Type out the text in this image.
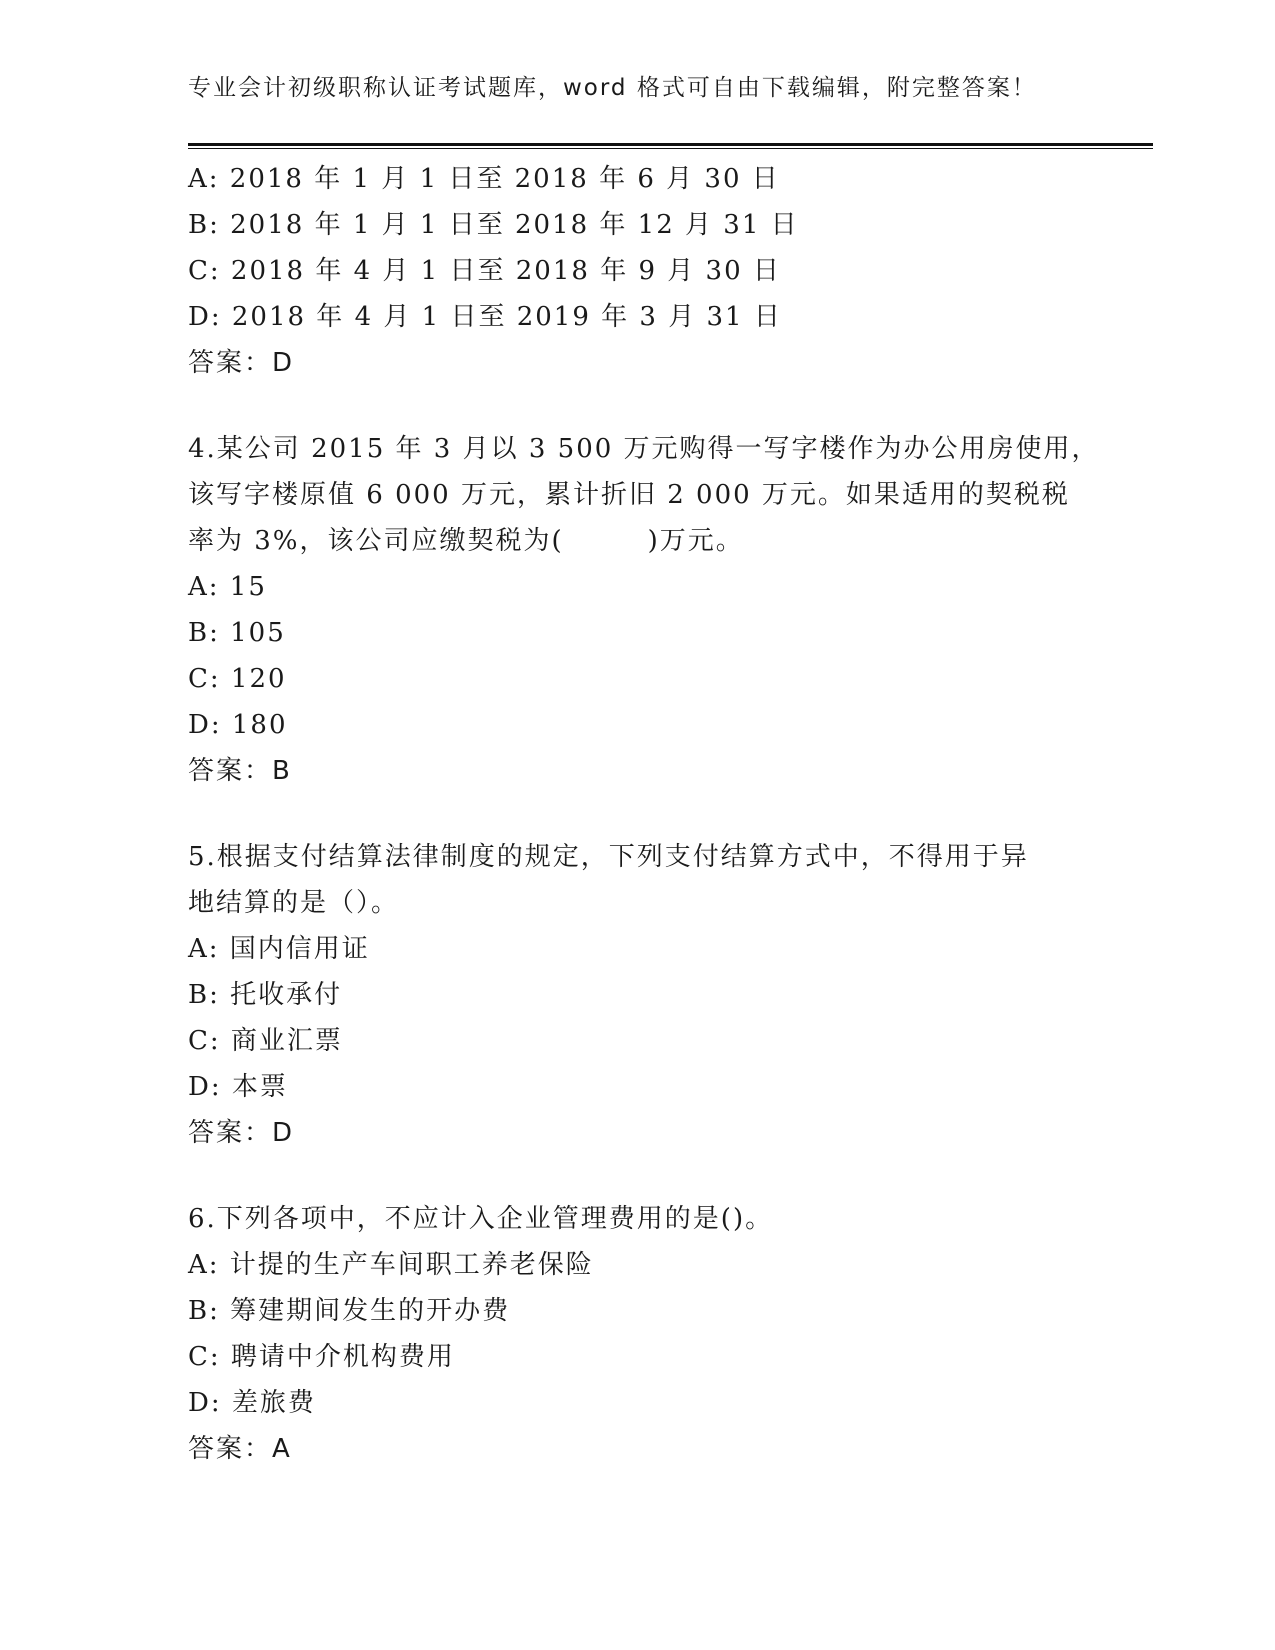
专业会计初级职称认证考试题库，word 格式可自由下载编辑，附完整答案！
A: 2018 年 1 月 1 日至 2018 年 6 月 30 日
B: 2018 年 1 月 1 日至 2018 年 12 月 31 日
C: 2018 年 4 月 1 日至 2018 年 9 月 30 日
D: 2018 年 4 月 1 日至 2019 年 3 月 31 日
答案：D
4.某公司 2015 年 3 月以 3 500 万元购得一写字楼作为办公用房使用，
该写字楼原值 6 000 万元，累计折旧 2 000 万元。如果适用的契税税
率为 3%，该公司应缴契税为(　　　)万元。
A: 15
B: 105
C: 120
D: 180
答案：B
5.根据支付结算法律制度的规定，下列支付结算方式中，不得用于异
地结算的是（）。
A: 国内信用证
B: 托收承付
C: 商业汇票
D: 本票
答案：D
6.下列各项中，不应计入企业管理费用的是()。
A: 计提的生产车间职工养老保险
B: 筹建期间发生的开办费
C: 聘请中介机构费用
D: 差旅费
答案：A
